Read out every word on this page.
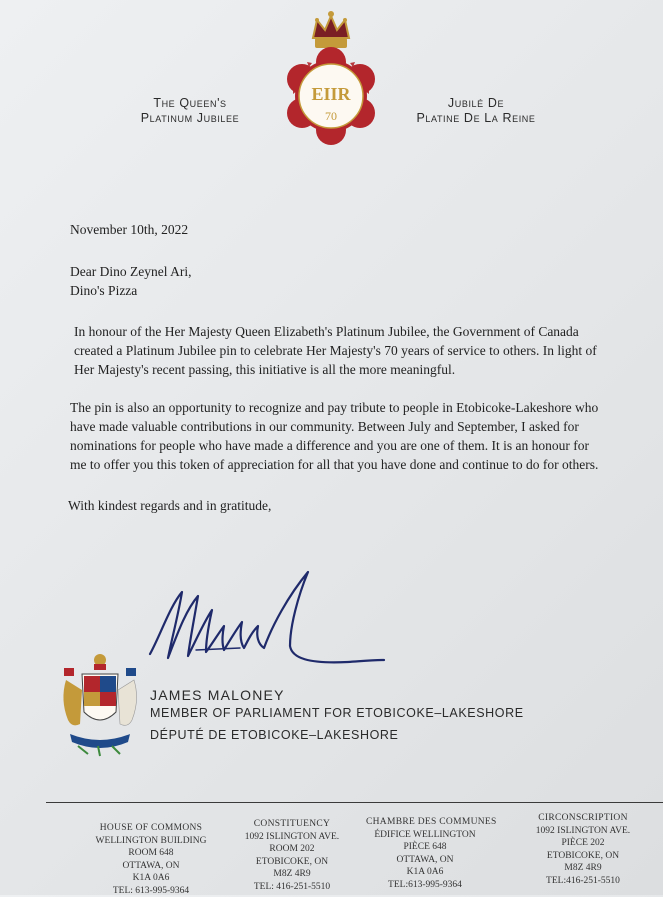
The Queen's
Platinum Jubilee
EIIR
70
Jubilé De
Platine De La Reine
November 10th, 2022
Dear Dino Zeynel Ari,
Dino's Pizza
In honour of the Her Majesty Queen Elizabeth's Platinum Jubilee, the Government of Canada
created a Platinum Jubilee pin to celebrate Her Majesty's 70 years of service to others. In light of
Her Majesty's recent passing, this initiative is all the more meaningful.
The pin is also an opportunity to recognize and pay tribute to people in Etobicoke-Lakeshore who
have made valuable contributions in our community. Between July and September, I asked for
nominations for people who have made a difference and you are one of them. It is an honour for
me to offer you this token of appreciation for all that you have done and continue to do for others.
With kindest regards and in gratitude,
JAMES MALONEY
MEMBER OF PARLIAMENT FOR ETOBICOKE–LAKESHORE
DÉPUTÉ DE ETOBICOKE–LAKESHORE
HOUSE OF COMMONS
WELLINGTON BUILDING
ROOM 648
OTTAWA, ON
K1A 0A6
TEL: 613-995-9364
CONSTITUENCY
1092 ISLINGTON AVE.
ROOM 202
ETOBICOKE, ON
M8Z 4R9
TEL: 416-251-5510
CHAMBRE DES COMMUNES
ÉDIFICE WELLINGTON
PIÈCE 648
OTTAWA, ON
K1A 0A6
TEL:613-995-9364
CIRCONSCRIPTION
1092 ISLINGTON AVE.
PIÈCE 202
ETOBICOKE, ON
M8Z 4R9
TEL:416-251-5510
